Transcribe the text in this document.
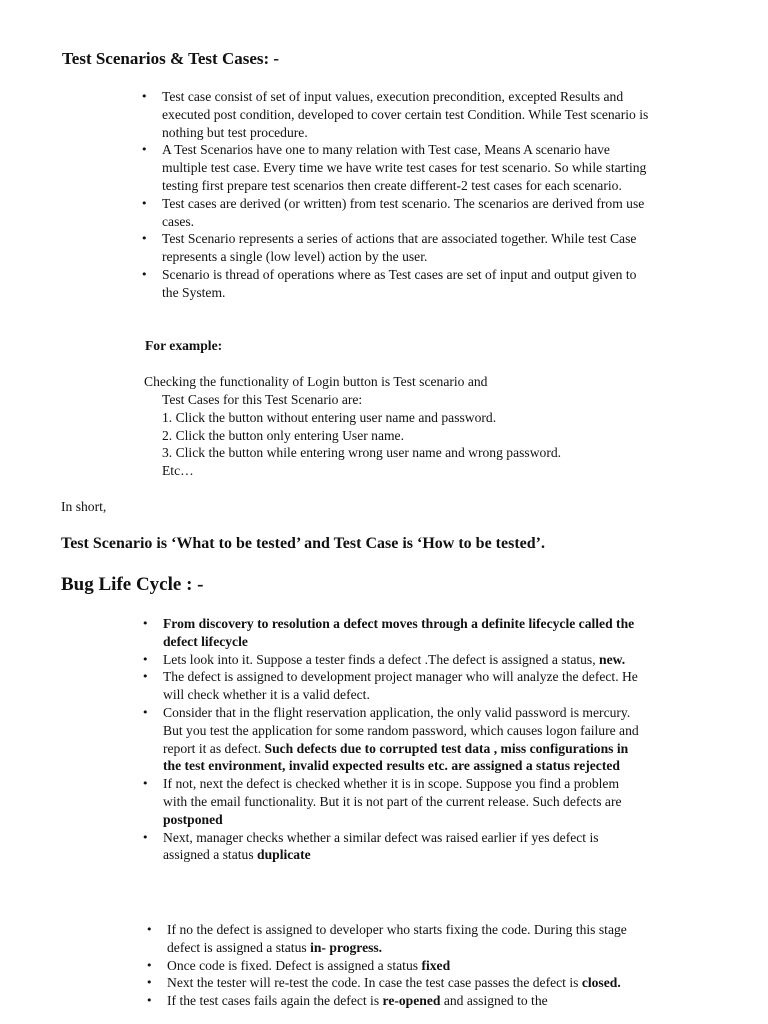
Test Scenarios & Test Cases: -
• Test case consist of set of input values, execution precondition, excepted Results and executed post condition, developed to cover certain test Condition. While Test scenario is nothing but test procedure.
• A Test Scenarios have one to many relation with Test case, Means A scenario have multiple test case. Every time we have write test cases for test scenario. So while starting testing first prepare test scenarios then create different-2 test cases for each scenario.
• Test cases are derived (or written) from test scenario. The scenarios are derived from use cases.
• Test Scenario represents a series of actions that are associated together. While test Case represents a single (low level) action by the user.
• Scenario is thread of operations where as Test cases are set of input and output given to the System.
For example:
Checking the functionality of Login button is Test scenario and
Test Cases for this Test Scenario are:
1. Click the button without entering user name and password.
2. Click the button only entering User name.
3. Click the button while entering wrong user name and wrong password.
Etc…
In short,
Test Scenario is ‘What to be tested’ and Test Case is ‘How to be tested’.
Bug Life Cycle : -
• From discovery to resolution a defect moves through a definite lifecycle called the defect lifecycle
• Lets look into it. Suppose a tester finds a defect .The defect is assigned a status, new.
• The defect is assigned to development project manager who will analyze the defect. He will check whether it is a valid defect.
• Consider that in the flight reservation application, the only valid password is mercury. But you test the application for some random password, which causes logon failure and report it as defect. Such defects due to corrupted test data , miss configurations in the test environment, invalid expected results etc. are assigned a status rejected
• If not, next the defect is checked whether it is in scope. Suppose you find a problem with the email functionality. But it is not part of the current release. Such defects are postponed
• Next, manager checks whether a similar defect was raised earlier if yes defect is assigned a status duplicate
• If no the defect is assigned to developer who starts fixing the code. During this stage defect is assigned a status in- progress.
• Once code is fixed. Defect is assigned a status fixed
• Next the tester will re-test the code. In case the test case passes the defect is closed.
• If the test cases fails again the defect is re-opened and assigned to the
